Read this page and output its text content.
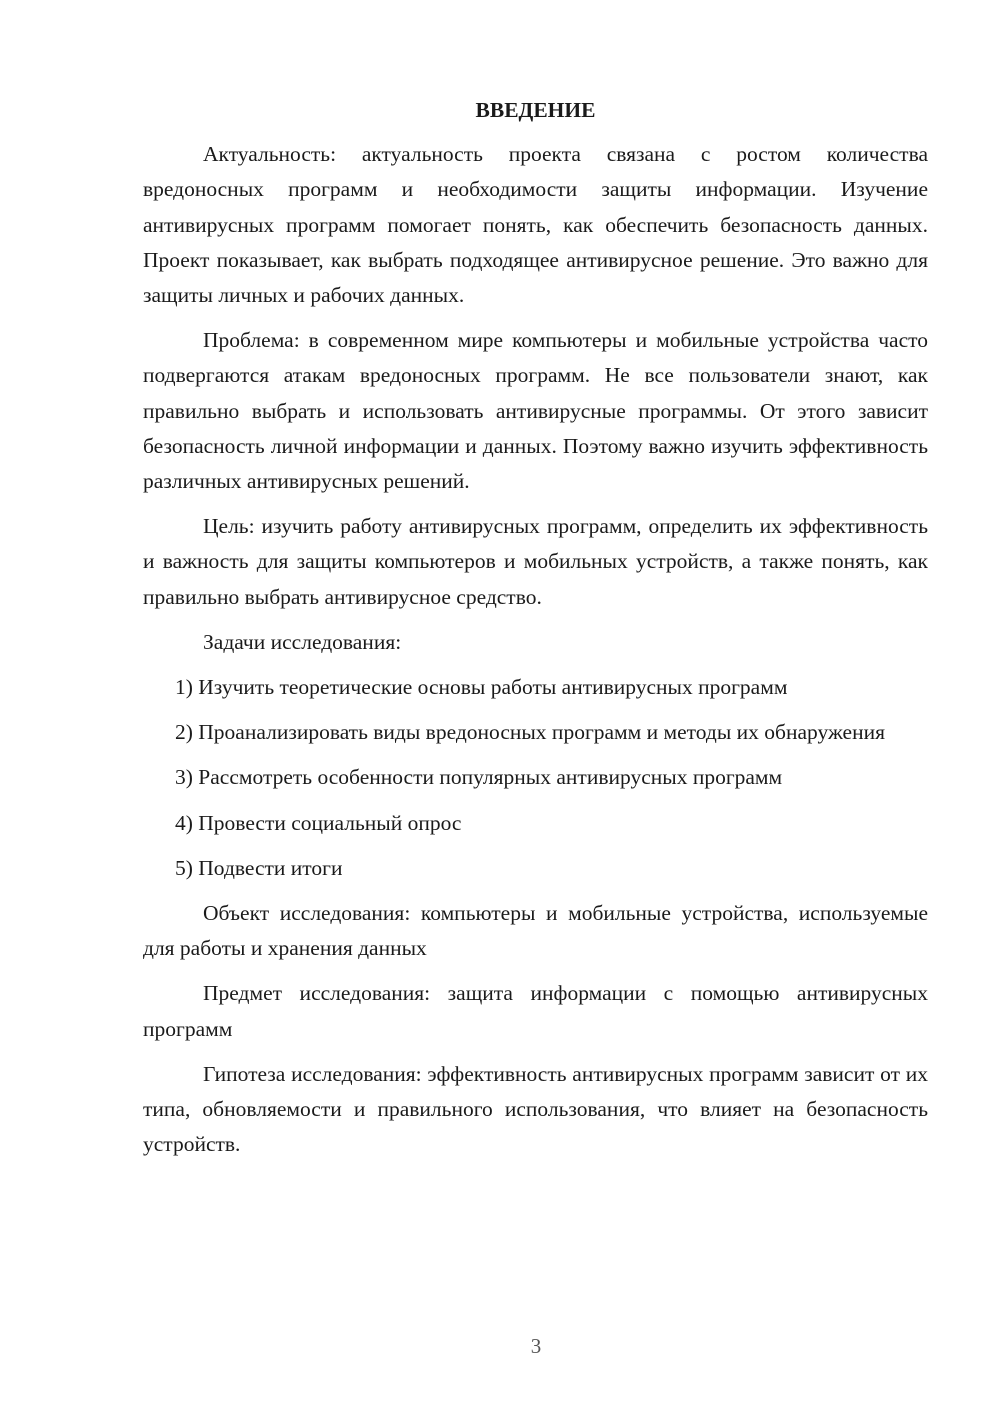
ВВЕДЕНИЕ

Актуальность: актуальность проекта связана с ростом количества вредоносных программ и необходимости защиты информации. Изучение антивирусных программ помогает понять, как обеспечить безопасность данных. Проект показывает, как выбрать подходящее антивирусное решение. Это важно для защиты личных и рабочих данных.

Проблема: в современном мире компьютеры и мобильные устройства часто подвергаются атакам вредоносных программ. Не все пользователи знают, как правильно выбрать и использовать антивирусные программы. От этого зависит безопасность личной информации и данных. Поэтому важно изучить эффективность различных антивирусных решений.

Цель: изучить работу антивирусных программ, определить их эффективность и важность для защиты компьютеров и мобильных устройств, а также понять, как правильно выбрать антивирусное средство.

Задачи исследования:

1) Изучить теоретические основы работы антивирусных программ

2) Проанализировать виды вредоносных программ и методы их обнаружения

3) Рассмотреть особенности популярных антивирусных программ

4) Провести социальный опрос

5) Подвести итоги

Объект исследования: компьютеры и мобильные устройства, используемые для работы и хранения данных

Предмет исследования: защита информации с помощью антивирусных программ

Гипотеза исследования: эффективность антивирусных программ зависит от их типа, обновляемости и правильного использования, что влияет на безопасность устройств.

3
